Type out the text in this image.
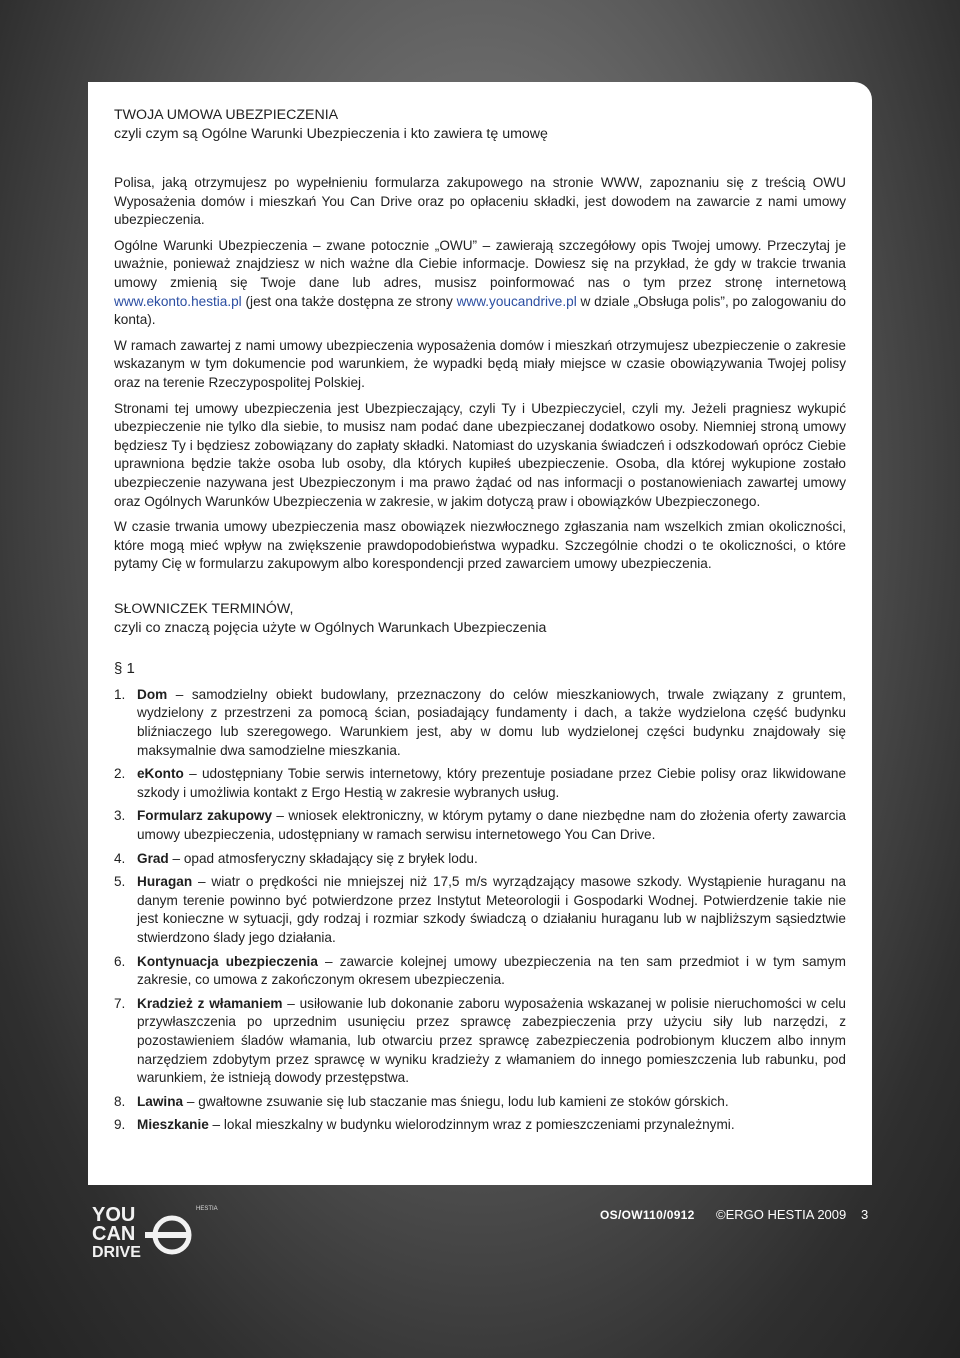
TWOJA UMOWA UBEZPIECZENIA

czyli czym są Ogólne Warunki Ubezpieczenia i kto zawiera tę umowę

Polisa, jaką otrzymujesz po wypełnieniu formularza zakupowego na stronie WWW, zapoznaniu się z treścią OWU Wyposażenia domów i mieszkań You Can Drive oraz po opłaceniu składki, jest dowodem na zawarcie z nami umowy ubezpieczenia.

Ogólne Warunki Ubezpieczenia – zwane potocznie „OWU” – zawierają szczegółowy opis Twojej umowy. Przeczytaj je uważnie, ponieważ znajdziesz w nich ważne dla Ciebie informacje. Dowiesz się na przykład, że gdy w trakcie trwania umowy zmienią się Twoje dane lub adres, musisz poinformować nas o tym przez stronę internetową www.ekonto.hestia.pl (jest ona także dostępna ze strony www.youcandrive.pl w dziale „Obsługa polis”, po zalogowaniu do konta).

W ramach zawartej z nami umowy ubezpieczenia wyposażenia domów i mieszkań otrzymujesz ubezpieczenie o zakresie wskazanym w tym dokumencie pod warunkiem, że wypadki będą miały miejsce w czasie obowiązywania Twojej polisy oraz na terenie Rzeczypospolitej Polskiej.

Stronami tej umowy ubezpieczenia jest Ubezpieczający, czyli Ty i Ubezpieczyciel, czyli my. Jeżeli pragniesz wykupić ubezpieczenie nie tylko dla siebie, to musisz nam podać dane ubezpieczanej dodatkowo osoby. Niemniej stroną umowy będziesz Ty i będziesz zobowiązany do zapłaty składki. Natomiast do uzyskania świadczeń i odszkodowań oprócz Ciebie uprawniona będzie także osoba lub osoby, dla których kupiłeś ubezpieczenie. Osoba, dla której wykupione zostało ubezpieczenie nazywana jest Ubezpieczonym i ma prawo żądać od nas informacji o postanowieniach zawartej umowy oraz Ogólnych Warunków Ubezpieczenia w zakresie, w jakim dotyczą praw i obowiązków Ubezpieczonego.

W czasie trwania umowy ubezpieczenia masz obowiązek niezwłocznego zgłaszania nam wszelkich zmian okoliczności, które mogą mieć wpływ na zwiększenie prawdopodobieństwa wypadku. Szczególnie chodzi o te okoliczności, o które pytamy Cię w formularzu zakupowym albo korespondencji przed zawarciem umowy ubezpieczenia.

SŁOWNICZEK TERMINÓW,

czyli co znaczą pojęcia użyte w Ogólnych Warunkach Ubezpieczenia

§ 1

1. Dom – samodzielny obiekt budowlany, przeznaczony do celów mieszkaniowych, trwale związany z gruntem, wydzielony z przestrzeni za pomocą ścian, posiadający fundamenty i dach, a także wydzielona część budynku bliźniaczego lub szeregowego. Warunkiem jest, aby w domu lub wydzielonej części budynku znajdowały się maksymalnie dwa samodzielne mieszkania.
2. eKonto – udostępniany Tobie serwis internetowy, który prezentuje posiadane przez Ciebie polisy oraz likwidowane szkody i umożliwia kontakt z Ergo Hestią w zakresie wybranych usług.
3. Formularz zakupowy – wniosek elektroniczny, w którym pytamy o dane niezbędne nam do złożenia oferty zawarcia umowy ubezpieczenia, udostępniany w ramach serwisu internetowego You Can Drive.
4. Grad – opad atmosferyczny składający się z bryłek lodu.
5. Huragan – wiatr o prędkości nie mniejszej niż 17,5 m/s wyrządzający masowe szkody. Wystąpienie huraganu na danym terenie powinno być potwierdzone przez Instytut Meteorologii i Gospodarki Wodnej. Potwierdzenie takie nie jest konieczne w sytuacji, gdy rodzaj i rozmiar szkody świadczą o działaniu huraganu lub w najbliższym sąsiedztwie stwierdzono ślady jego działania.
6. Kontynuacja ubezpieczenia – zawarcie kolejnej umowy ubezpieczenia na ten sam przedmiot i w tym samym zakresie, co umowa z zakończonym okresem ubezpieczenia.
7. Kradzież z włamaniem – usiłowanie lub dokonanie zaboru wyposażenia wskazanej w polisie nieruchomości w celu przywłaszczenia po uprzednim usunięciu przez sprawcę zabezpieczenia przy użyciu siły lub narzędzi, z pozostawieniem śladów włamania, lub otwarciu przez sprawcę zabezpieczenia podrobionym kluczem albo innym narzędziem zdobytym przez sprawcę w wyniku kradzieży z włamaniem do innego pomieszczenia lub rabunku, pod warunkiem, że istnieją dowody przestępstwa.
8. Lawina – gwałtowne zsuwanie się lub staczanie mas śniegu, lodu lub kamieni ze stoków górskich.
9. Mieszkanie – lokal mieszkalny w budynku wielorodzinnym wraz z pomieszczeniami przynależnymi.
YOU
CAN
DRIVE
HESTIA	OS/OW110/0912 ©ERGO HESTIA 2009 3
